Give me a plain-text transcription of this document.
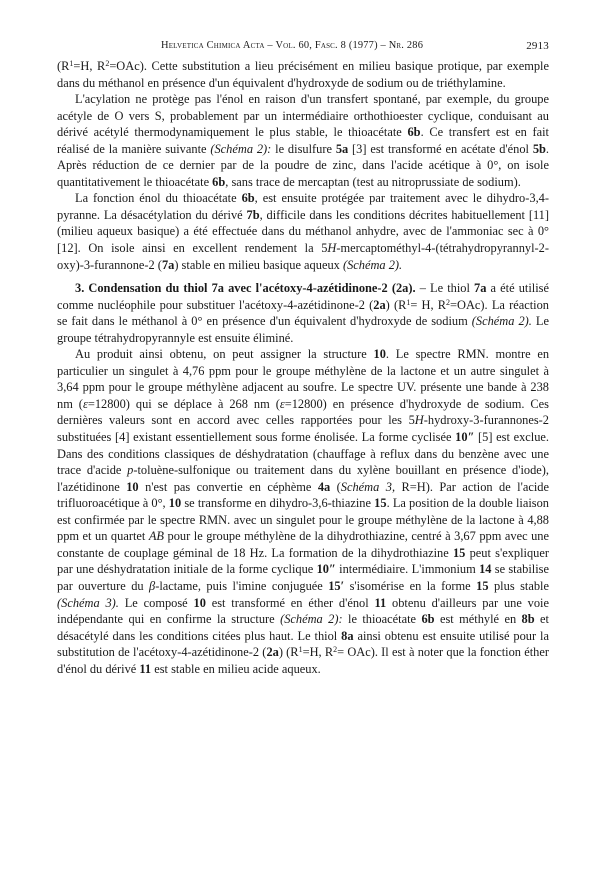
Helvetica Chimica Acta – Vol. 60, Fasc. 8 (1977) – Nr. 286	2913

($R^1=H$, $R^2=OAc$). Cette substitution a lieu précisément en milieu basique protique, par exemple dans du méthanol en présence d'un équivalent d'hydroxyde de sodium ou de triéthylamine.

L'acylation ne protège pas l'énol en raison d'un transfert spontané, par exemple, du groupe acétyle de O vers S, probablement par un intermédiaire orthothioester cyclique, conduisant au dérivé acétylé thermodynamiquement le plus stable, le thioacétate 6b. Ce transfert est en fait réalisé de la manière suivante (Schéma 2): le disulfure 5a [3] est transformé en acétate d'énol 5b. Après réduction de ce dernier par de la poudre de zinc, dans l'acide acétique à 0°, on isole quantitativement le thioacétate 6b, sans trace de mercaptan (test au nitroprussiate de sodium).

La fonction énol du thioacétate 6b, est ensuite protégée par traitement avec le dihydro-3,4-pyranne. La désacétylation du dérivé 7b, difficile dans les conditions décrites habituellement [11] (milieu aqueux basique) a été effectuée dans du méthanol anhydre, avec de l'ammoniac sec à 0° [12]. On isole ainsi en excellent rendement la 5H-mercaptométhyl-4-(tétrahydropyrannyl-2-oxy)-3-furannone-2 (7a) stable en milieu basique aqueux (Schéma 2).

3. Condensation du thiol 7a avec l'acétoxy-4-azétidinone-2 (2a). – Le thiol 7a a été utilisé comme nucléophile pour substituer l'acétoxy-4-azétidinone-2 (2a) ($R^1= H$, $R^2=OAc$). La réaction se fait dans le méthanol à 0° en présence d'un équivalent d'hydroxyde de sodium (Schéma 2). Le groupe tétrahydropyrannyle est ensuite éliminé.

Au produit ainsi obtenu, on peut assigner la structure 10. Le spectre RMN. montre en particulier un singulet à 4,76 ppm pour le groupe méthylène de la lactone et un autre singulet à 3,64 ppm pour le groupe méthylène adjacent au soufre. Le spectre UV. présente une bande à 238 nm (ε=12800) qui se déplace à 268 nm (ε=12800) en présence d'hydroxyde de sodium. Ces dernières valeurs sont en accord avec celles rapportées pour les 5H-hydroxy-3-furannones-2 substituées [4] existant essentiellement sous forme énolisée. La forme cyclisée 10″ [5] est exclue. Dans des conditions classiques de déshydratation (chauffage à reflux dans du benzène avec une trace d'acide p-toluène-sulfonique ou traitement dans du xylène bouillant en présence d'iode), l'azétidinone 10 n'est pas convertie en céphème 4a (Schéma 3, R=H). Par action de l'acide trifluoroacétique à 0°, 10 se transforme en dihydro-3,6-thiazine 15. La position de la double liaison est confirmée par le spectre RMN. avec un singulet pour le groupe méthylène de la lactone à 4,88 ppm et un quartet AB pour le groupe méthylène de la dihydrothiazine, centré à 3,67 ppm avec une constante de couplage géminal de 18 Hz. La formation de la dihydrothiazine 15 peut s'expliquer par une déshydratation initiale de la forme cyclique 10″ intermédiaire. L'immonium 14 se stabilise par ouverture du β-lactame, puis l'imine conjuguée 15′ s'isomérise en la forme 15 plus stable (Schéma 3). Le composé 10 est transformé en éther d'énol 11 obtenu d'ailleurs par une voie indépendante qui en confirme la structure (Schéma 2): le thioacétate 6b est méthylé en 8b et désacétylé dans les conditions citées plus haut. Le thiol 8a ainsi obtenu est ensuite utilisé pour la substitution de l'acétoxy-4-azétidinone-2 (2a) ($R^1=H$, $R^2= OAc$). Il est à noter que la fonction éther d'énol du dérivé 11 est stable en milieu acide aqueux.
